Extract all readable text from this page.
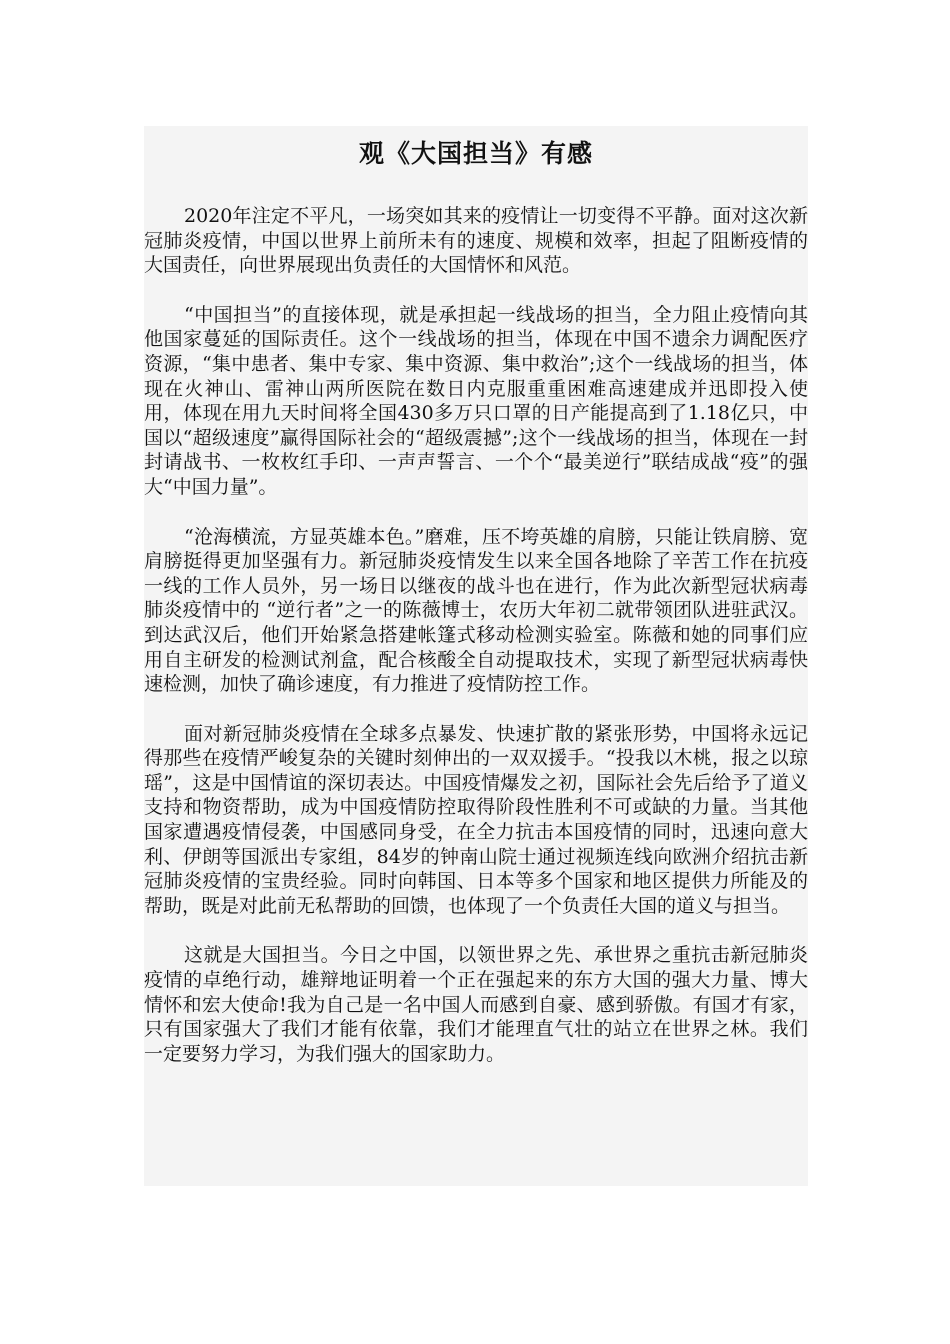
观《大国担当》有感

2020年注定不平凡，一场突如其来的疫情让一切变得不平静。面对这次新冠肺炎疫情，中国以世界上前所未有的速度、规模和效率，担起了阻断疫情的大国责任，向世界展现出负责任的大国情怀和风范。

“中国担当”的直接体现，就是承担起一线战场的担当，全力阻止疫情向其他国家蔓延的国际责任。这个一线战场的担当，体现在中国不遗余力调配医疗资源，“集中患者、集中专家、集中资源、集中救治”;这个一线战场的担当，体现在火神山、雷神山两所医院在数日内克服重重困难高速建成并迅即投入使用，体现在用九天时间将全国430多万只口罩的日产能提高到了1.18亿只，中国以“超级速度”赢得国际社会的“超级震撼”;这个一线战场的担当，体现在一封封请战书、一枚枚红手印、一声声誓言、一个个“最美逆行”联结成战“疫”的强大“中国力量”。

“沧海横流，方显英雄本色。”磨难，压不垮英雄的肩膀，只能让铁肩膀、宽肩膀挺得更加坚强有力。新冠肺炎疫情发生以来全国各地除了辛苦工作在抗疫一线的工作人员外，另一场日以继夜的战斗也在进行，作为此次新型冠状病毒肺炎疫情中的 “逆行者”之一的陈薇博士，农历大年初二就带领团队进驻武汉。到达武汉后，他们开始紧急搭建帐篷式移动检测实验室。陈薇和她的同事们应用自主研发的检测试剂盒，配合核酸全自动提取技术，实现了新型冠状病毒快速检测，加快了确诊速度，有力推进了疫情防控工作。

面对新冠肺炎疫情在全球多点暴发、快速扩散的紧张形势，中国将永远记得那些在疫情严峻复杂的关键时刻伸出的一双双援手。“投我以木桃，报之以琼瑶”，这是中国情谊的深切表达。中国疫情爆发之初，国际社会先后给予了道义支持和物资帮助，成为中国疫情防控取得阶段性胜利不可或缺的力量。当其他国家遭遇疫情侵袭，中国感同身受，在全力抗击本国疫情的同时，迅速向意大利、伊朗等国派出专家组，84岁的钟南山院士通过视频连线向欧洲介绍抗击新冠肺炎疫情的宝贵经验。同时向韩国、日本等多个国家和地区提供力所能及的帮助，既是对此前无私帮助的回馈，也体现了一个负责任大国的道义与担当。

这就是大国担当。今日之中国，以领世界之先、承世界之重抗击新冠肺炎疫情的卓绝行动，雄辩地证明着一个正在强起来的东方大国的强大力量、博大情怀和宏大使命!我为自己是一名中国人而感到自豪、感到骄傲。有国才有家，只有国家强大了我们才能有依靠，我们才能理直气壮的站立在世界之林。我们一定要努力学习，为我们强大的国家助力。
